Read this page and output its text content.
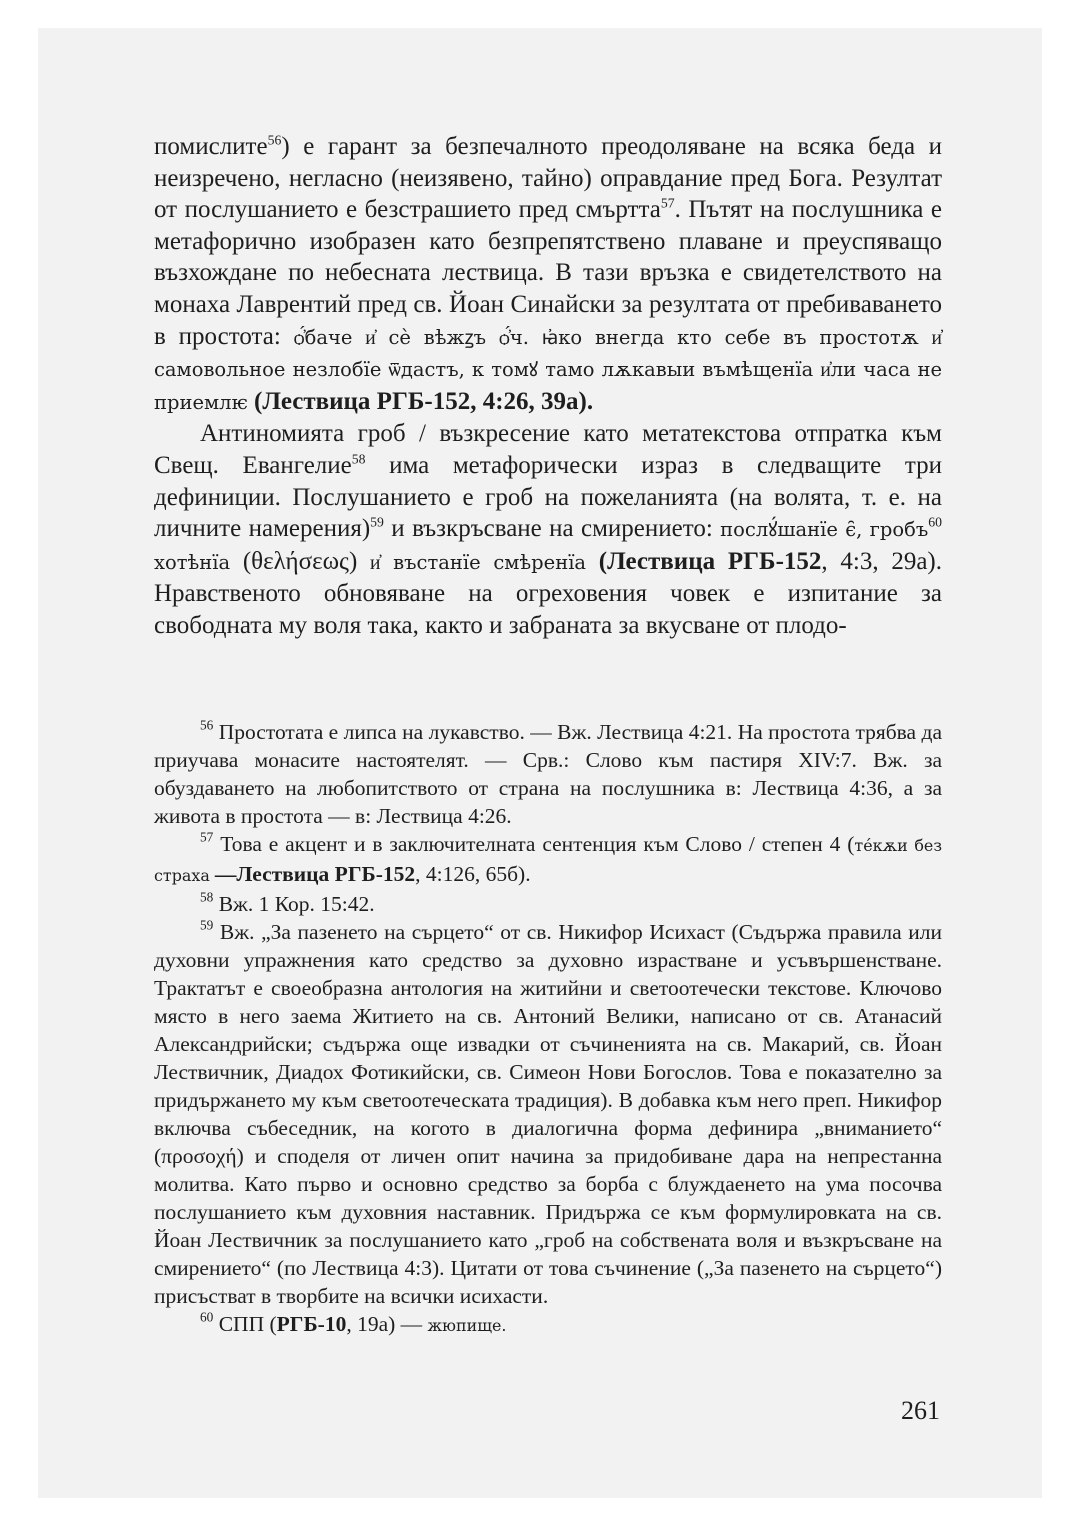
помислите$^{56}$) е гарант за безпечалното преодоляване на всяка беда и неизречено, негласно (неизявено, тайно) оправдание пред Бога. Резултат от послушанието е безстрашието пред смъртта$^{57}$. Пътят на послушника е метафорично изобразен като безпрепятствено плаване и преуспяващо възхождане по небесната лествица. В тази връзка е свидетелството на монаха Лаврентий пред св. Йоан Синайски за резултата от пребиваването в простота: ѻ҆́баче и҆ сѐ вѣжꙁъ ѻ҆́ч. ꙗ҆ко внегда кто себе въ простотѫ и҆ самовольное незлобїе ѿдастъ, к томꙋ тамо лѫкавыи въмѣщенїа и҆ли часа не приемлѥ (Лествица РГБ-152, 4:26, 39а).

Антиномията гроб / възкресение като метатекстова отпратка към Свещ. Евангелие$^{58}$ има метафорически израз в следващите три дефиниции. Послушанието е гроб на пожеланията (на волята, т. е. на личните намерения)$^{59}$ и възкръсване на смирението: послꙋ́шанїе є̑, гробъ$^{60}$ хотѣнїа (θελήσεως) и҆ въстанїе смѣренїа (Лествица РГБ-152, 4:3, 29а). Нравственото обновяване на огреховения човек е изпитание за свободната му воля така, както и забраната за вкусване от плодо-

$^{56}$ Простотата е липса на лукавство. — Вж. Лествица 4:21. На простота трябва да приучава монасите настоятелят. — Срв.: Слово към пастиря XIV:7. Вж. за обуздаването на любопитството от страна на послушника в: Лествица 4:36, а за живота в простота — в: Лествица 4:26.

$^{57}$ Това е акцент и в заключителната сентенция към Слово / степен 4 (те́кѫи без страха —Лествица РГБ-152, 4:126, 65б).

$^{58}$ Вж. 1 Кор. 15:42.

$^{59}$ Вж. „За пазенето на сърцето“ от св. Никифор Исихаст (Съдържа правила или духовни упражнения като средство за духовно израстване и усъвършенстване. Трактатът е своеобразна антология на житийни и светоотечески текстове. Ключово място в него заема Житието на св. Антоний Велики, написано от св. Атанасий Александрийски; съдържа още извадки от съчиненията на св. Макарий, св. Йоан Лествичник, Диадох Фотикийски, св. Симеон Нови Богослов. Това е показателно за придържането му към светоотеческата традиция). В добавка към него преп. Никифор включва събеседник, на когото в диалогична форма дефинира „вниманието“ (προσοχή) и споделя от личен опит начина за придобиване дара на непрестанна молитва. Като първо и основно средство за борба с блуждаенето на ума посочва послушанието към духовния наставник. Придържа се към формулировката на св. Йоан Лествичник за послушанието като „гроб на собствената воля и възкръсване на смирението“ (по Лествица 4:3). Цитати от това съчинение („За пазенето на сърцето“) присъстват в творбите на всички исихасти.

$^{60}$ СПП (РГБ-10, 19а) — жюпище.

261
